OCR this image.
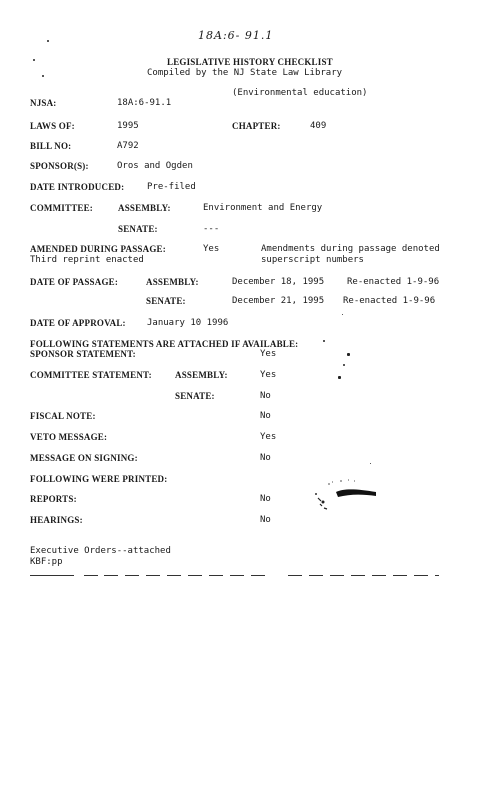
18A:6- 91.1
LEGISLATIVE HISTORY CHECKLIST
Compiled by the NJ State Law Library
(Environmental education)
NJSA:	18A:6-91.1
LAWS OF:	1995	CHAPTER:	409
BILL NO:	A792
SPONSOR(S):	Oros and Ogden
DATE INTRODUCED:	Pre-filed
COMMITTEE:	ASSEMBLY:	Environment and Energy
SENATE:	---
AMENDED DURING PASSAGE:	Yes	Amendments during passage denoted
Third reprint enacted	superscript numbers
DATE OF PASSAGE:	ASSEMBLY:	December 18, 1995	Re-enacted 1-9-96
SENATE:	December 21, 1995 Re-enacted 1-9-96
DATE OF APPROVAL: January 10 1996
FOLLOWING STATEMENTS ARE ATTACHED IF AVAILABLE:
SPONSOR STATEMENT:	Yes
COMMITTEE STATEMENT:	ASSEMBLY:	Yes
SENATE:	No
FISCAL NOTE:	No
VETO MESSAGE:	Yes
MESSAGE ON SIGNING:	No
FOLLOWING WERE PRINTED:
REPORTS:	No
HEARINGS:	No
Executive Orders--attached
KBF:pp
